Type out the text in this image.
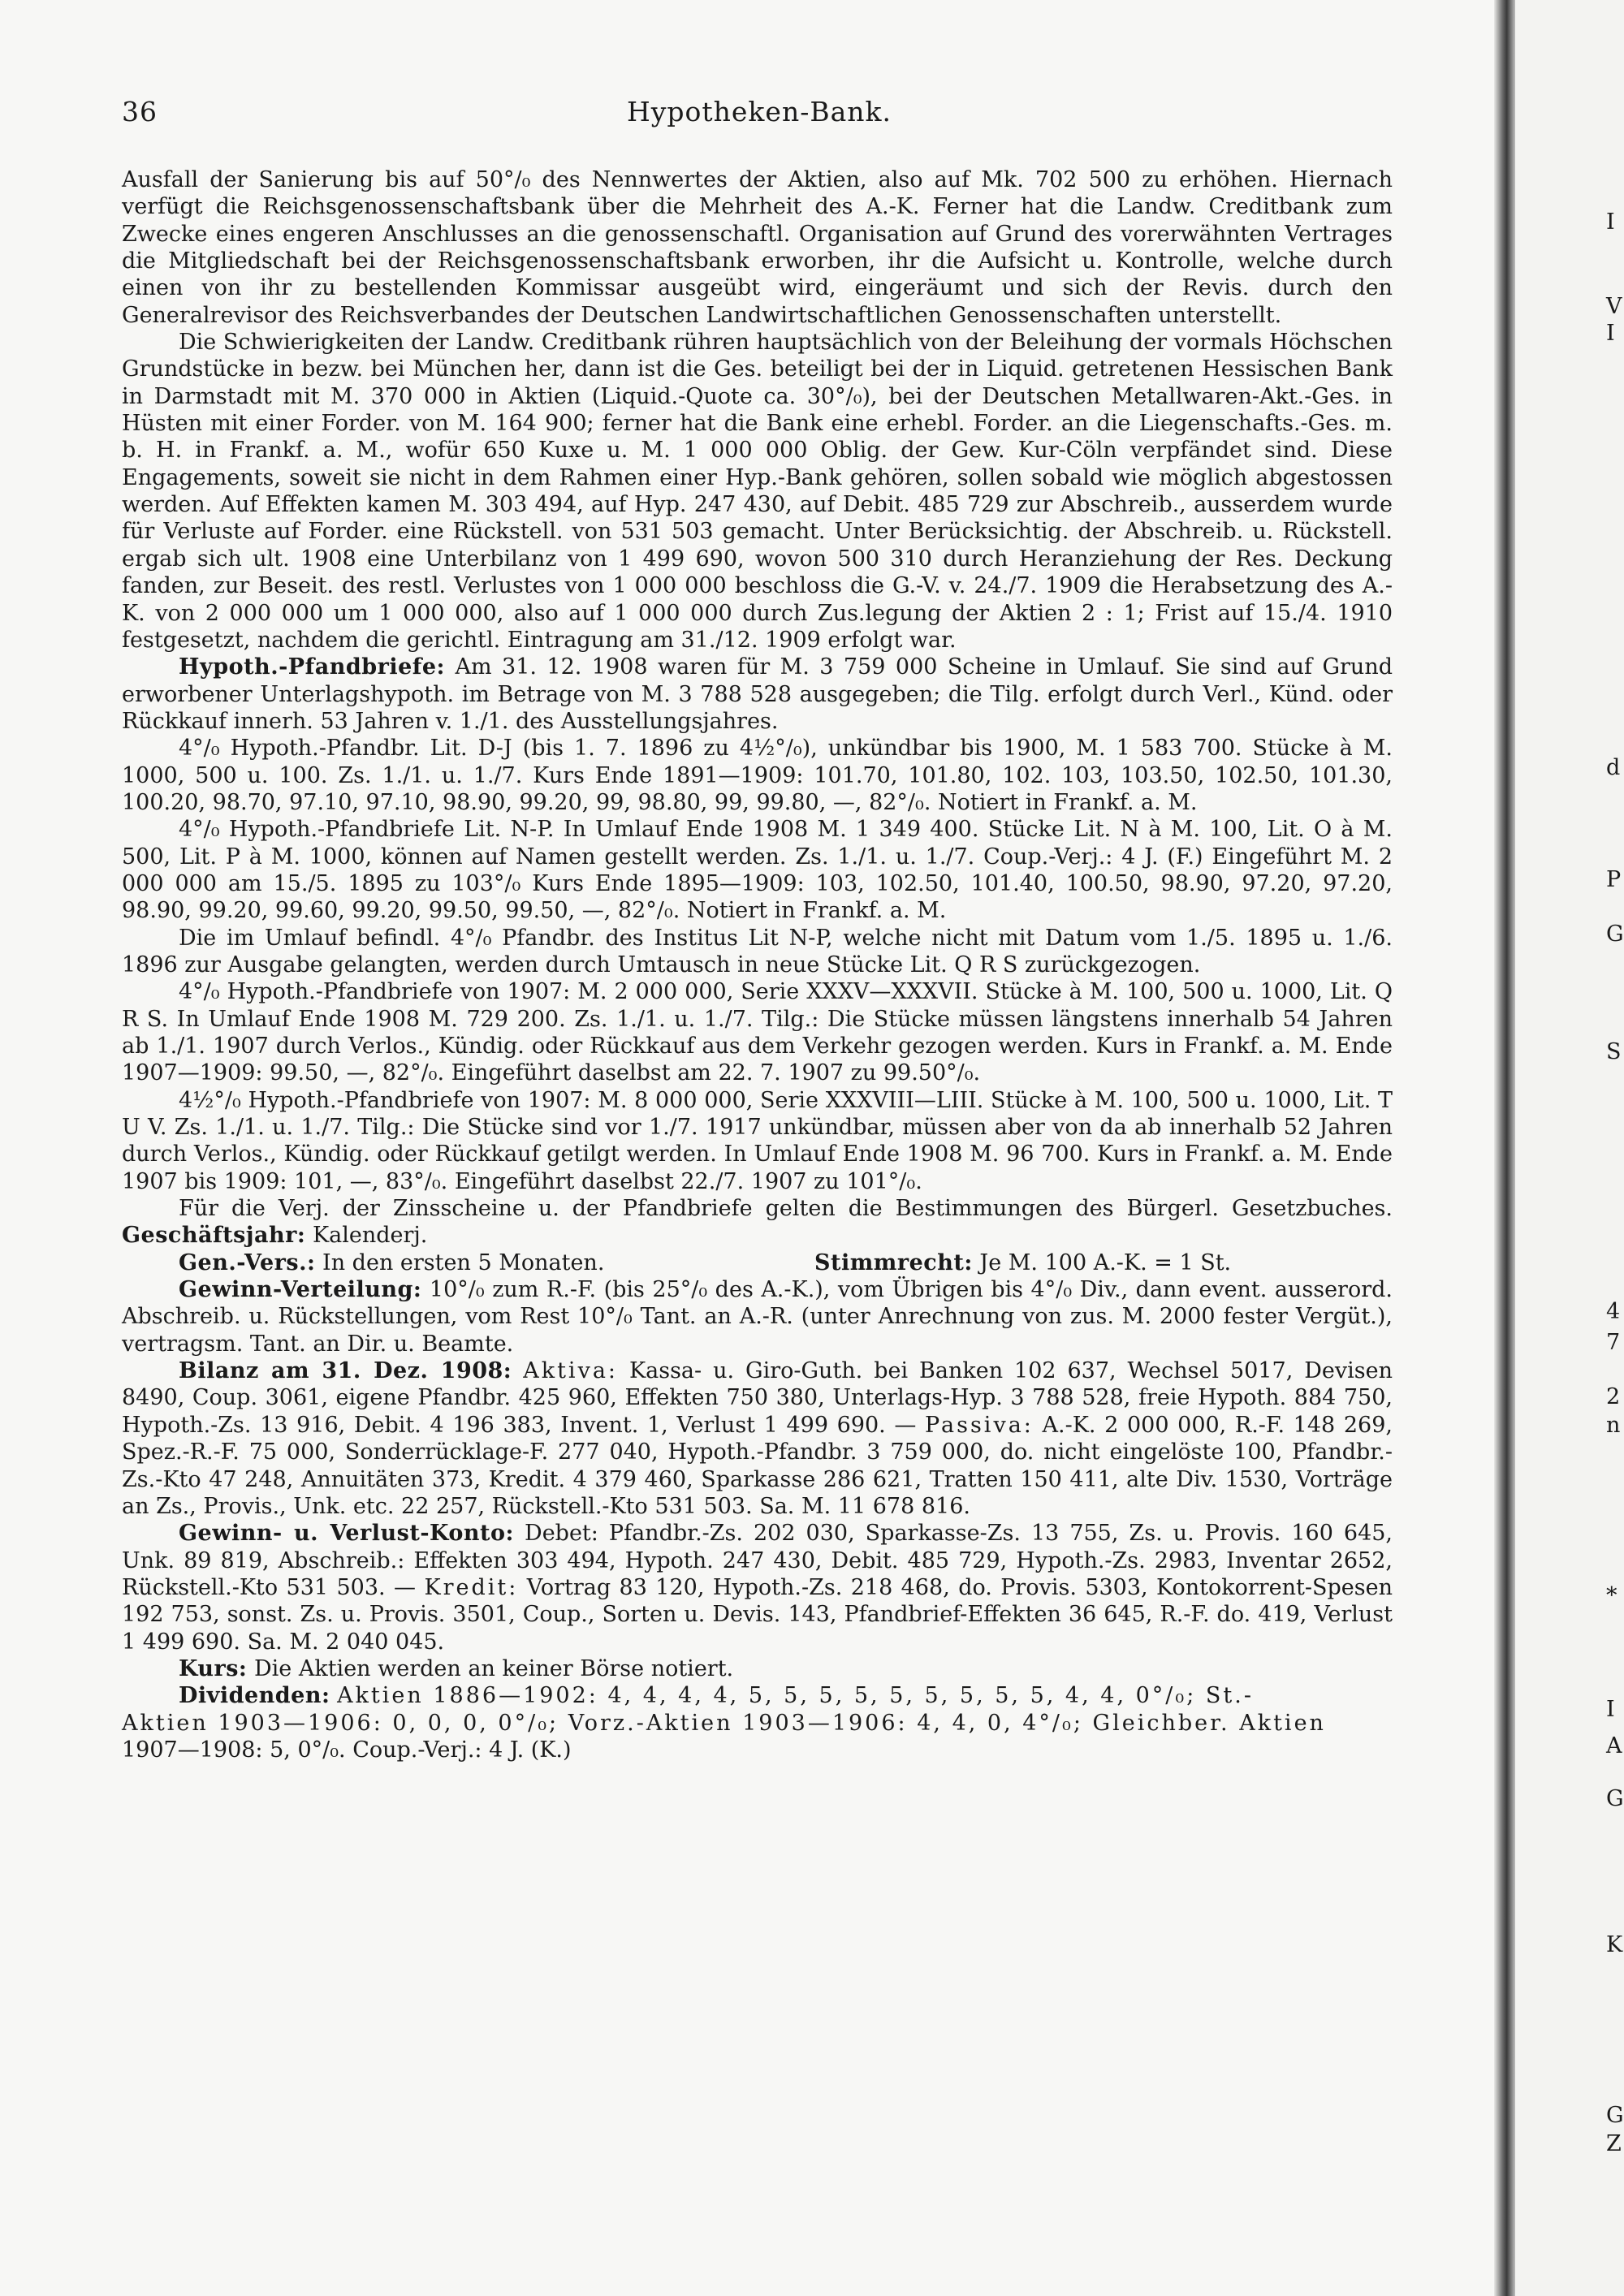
36	Hypotheken-Bank.

Ausfall der Sanierung bis auf 50°/₀ des Nennwertes der Aktien, also auf Mk. 702 500 zu erhöhen. Hiernach verfügt die Reichsgenossenschaftsbank über die Mehrheit des A.-K. Ferner hat die Landw. Creditbank zum Zwecke eines engeren Anschlusses an die genossenschaftl. Organisation auf Grund des vorerwähnten Vertrages die Mitgliedschaft bei der Reichsgenossenschaftsbank erworben, ihr die Aufsicht u. Kontrolle, welche durch einen von ihr zu bestellenden Kommissar ausgeübt wird, eingeräumt und sich der Revis. durch den Generalrevisor des Reichsverbandes der Deutschen Landwirtschaftlichen Genossenschaften unterstellt.

Die Schwierigkeiten der Landw. Creditbank rühren hauptsächlich von der Beleihung der vormals Höchschen Grundstücke in bezw. bei München her, dann ist die Ges. beteiligt bei der in Liquid. getretenen Hessischen Bank in Darmstadt mit M. 370 000 in Aktien (Liquid.-Quote ca. 30°/₀), bei der Deutschen Metallwaren-Akt.-Ges. in Hüsten mit einer Forder. von M. 164 900; ferner hat die Bank eine erhebl. Forder. an die Liegenschafts.-Ges. m. b. H. in Frankf. a. M., wofür 650 Kuxe u. M. 1 000 000 Oblig. der Gew. Kur-Cöln verpfändet sind. Diese Engagements, soweit sie nicht in dem Rahmen einer Hyp.-Bank gehören, sollen sobald wie möglich abgestossen werden. Auf Effekten kamen M. 303 494, auf Hyp. 247 430, auf Debit. 485 729 zur Abschreib., ausserdem wurde für Verluste auf Forder. eine Rückstell. von 531 503 gemacht. Unter Berücksichtig. der Abschreib. u. Rückstell. ergab sich ult. 1908 eine Unterbilanz von 1 499 690, wovon 500 310 durch Heranziehung der Res. Deckung fanden, zur Beseit. des restl. Verlustes von 1 000 000 beschloss die G.-V. v. 24./7. 1909 die Herabsetzung des A.-K. von 2 000 000 um 1 000 000, also auf 1 000 000 durch Zus.legung der Aktien 2 : 1; Frist auf 15./4. 1910 festgesetzt, nachdem die gerichtl. Eintragung am 31./12. 1909 erfolgt war.

Hypoth.-Pfandbriefe: Am 31. 12. 1908 waren für M. 3 759 000 Scheine in Umlauf. Sie sind auf Grund erworbener Unterlagshypoth. im Betrage von M. 3 788 528 ausgegeben; die Tilg. erfolgt durch Verl., Künd. oder Rückkauf innerh. 53 Jahren v. 1./1. des Ausstellungsjahres.

4°/₀ Hypoth.-Pfandbr. Lit. D-J (bis 1. 7. 1896 zu 4½°/₀), unkündbar bis 1900, M. 1 583 700. Stücke à M. 1000, 500 u. 100. Zs. 1./1. u. 1./7. Kurs Ende 1891—1909: 101.70, 101.80, 102. 103, 103.50, 102.50, 101.30, 100.20, 98.70, 97.10, 97.10, 98.90, 99.20, 99, 98.80, 99, 99.80, —, 82°/₀. Notiert in Frankf. a. M.

4°/₀ Hypoth.-Pfandbriefe Lit. N-P. In Umlauf Ende 1908 M. 1 349 400. Stücke Lit. N à M. 100, Lit. O à M. 500, Lit. P à M. 1000, können auf Namen gestellt werden. Zs. 1./1. u. 1./7. Coup.-Verj.: 4 J. (F.) Eingeführt M. 2 000 000 am 15./5. 1895 zu 103°/₀ Kurs Ende 1895—1909: 103, 102.50, 101.40, 100.50, 98.90, 97.20, 97.20, 98.90, 99.20, 99.60, 99.20, 99.50, 99.50, —, 82°/₀. Notiert in Frankf. a. M.

Die im Umlauf befindl. 4°/₀ Pfandbr. des Institus Lit N-P, welche nicht mit Datum vom 1./5. 1895 u. 1./6. 1896 zur Ausgabe gelangten, werden durch Umtausch in neue Stücke Lit. Q R S zurückgezogen.

4°/₀ Hypoth.-Pfandbriefe von 1907: M. 2 000 000, Serie XXXV—XXXVII. Stücke à M. 100, 500 u. 1000, Lit. Q R S. In Umlauf Ende 1908 M. 729 200. Zs. 1./1. u. 1./7. Tilg.: Die Stücke müssen längstens innerhalb 54 Jahren ab 1./1. 1907 durch Verlos., Kündig. oder Rückkauf aus dem Verkehr gezogen werden. Kurs in Frankf. a. M. Ende 1907—1909: 99.50, —, 82°/₀. Eingeführt daselbst am 22. 7. 1907 zu 99.50°/₀.

4½°/₀ Hypoth.-Pfandbriefe von 1907: M. 8 000 000, Serie XXXVIII—LIII. Stücke à M. 100, 500 u. 1000, Lit. T U V. Zs. 1./1. u. 1./7. Tilg.: Die Stücke sind vor 1./7. 1917 unkündbar, müssen aber von da ab innerhalb 52 Jahren durch Verlos., Kündig. oder Rückkauf getilgt werden. In Umlauf Ende 1908 M. 96 700. Kurs in Frankf. a. M. Ende 1907 bis 1909: 101, —, 83°/₀. Eingeführt daselbst 22./7. 1907 zu 101°/₀.

Für die Verj. der Zinsscheine u. der Pfandbriefe gelten die Bestimmungen des Bürgerl. Gesetzbuches. Geschäftsjahr: Kalenderj.

Gen.-Vers.: In den ersten 5 Monaten.	Stimmrecht: Je M. 100 A.-K. = 1 St.

Gewinn-Verteilung: 10°/₀ zum R.-F. (bis 25°/₀ des A.-K.), vom Übrigen bis 4°/₀ Div., dann event. ausserord. Abschreib. u. Rückstellungen, vom Rest 10°/₀ Tant. an A.-R. (unter Anrechnung von zus. M. 2000 fester Vergüt.), vertragsm. Tant. an Dir. u. Beamte.

Bilanz am 31. Dez. 1908: Aktiva: Kassa- u. Giro-Guth. bei Banken 102 637, Wechsel 5017, Devisen 8490, Coup. 3061, eigene Pfandbr. 425 960, Effekten 750 380, Unterlags-Hyp. 3 788 528, freie Hypoth. 884 750, Hypoth.-Zs. 13 916, Debit. 4 196 383, Invent. 1, Verlust 1 499 690. — Passiva: A.-K. 2 000 000, R.-F. 148 269, Spez.-R.-F. 75 000, Sonderrücklage-F. 277 040, Hypoth.-Pfandbr. 3 759 000, do. nicht eingelöste 100, Pfandbr.-Zs.-Kto 47 248, Annuitäten 373, Kredit. 4 379 460, Sparkasse 286 621, Tratten 150 411, alte Div. 1530, Vorträge an Zs., Provis., Unk. etc. 22 257, Rückstell.-Kto 531 503. Sa. M. 11 678 816.

Gewinn- u. Verlust-Konto: Debet: Pfandbr.-Zs. 202 030, Sparkasse-Zs. 13 755, Zs. u. Provis. 160 645, Unk. 89 819, Abschreib.: Effekten 303 494, Hypoth. 247 430, Debit. 485 729, Hypoth.-Zs. 2983, Inventar 2652, Rückstell.-Kto 531 503. — Kredit: Vortrag 83 120, Hypoth.-Zs. 218 468, do. Provis. 5303, Kontokorrent-Spesen 192 753, sonst. Zs. u. Provis. 3501, Coup., Sorten u. Devis. 143, Pfandbrief-Effekten 36 645, R.-F. do. 419, Verlust 1 499 690. Sa. M. 2 040 045.

Kurs: Die Aktien werden an keiner Börse notiert.

Dividenden: Aktien 1886—1902: 4, 4, 4, 4, 5, 5, 5, 5, 5, 5, 5, 5, 5, 4, 4, 0°/₀; St.-
Aktien 1903—1906: 0, 0, 0, 0°/₀; Vorz.-Aktien 1903—1906: 4, 4, 0, 4°/₀; Gleichber. Aktien
1907—1908: 5, 0°/₀. Coup.-Verj.: 4 J. (K.)

I
V
I
d
P
G
S
4
7
2
n
*
I
A
G
K
G
Z
